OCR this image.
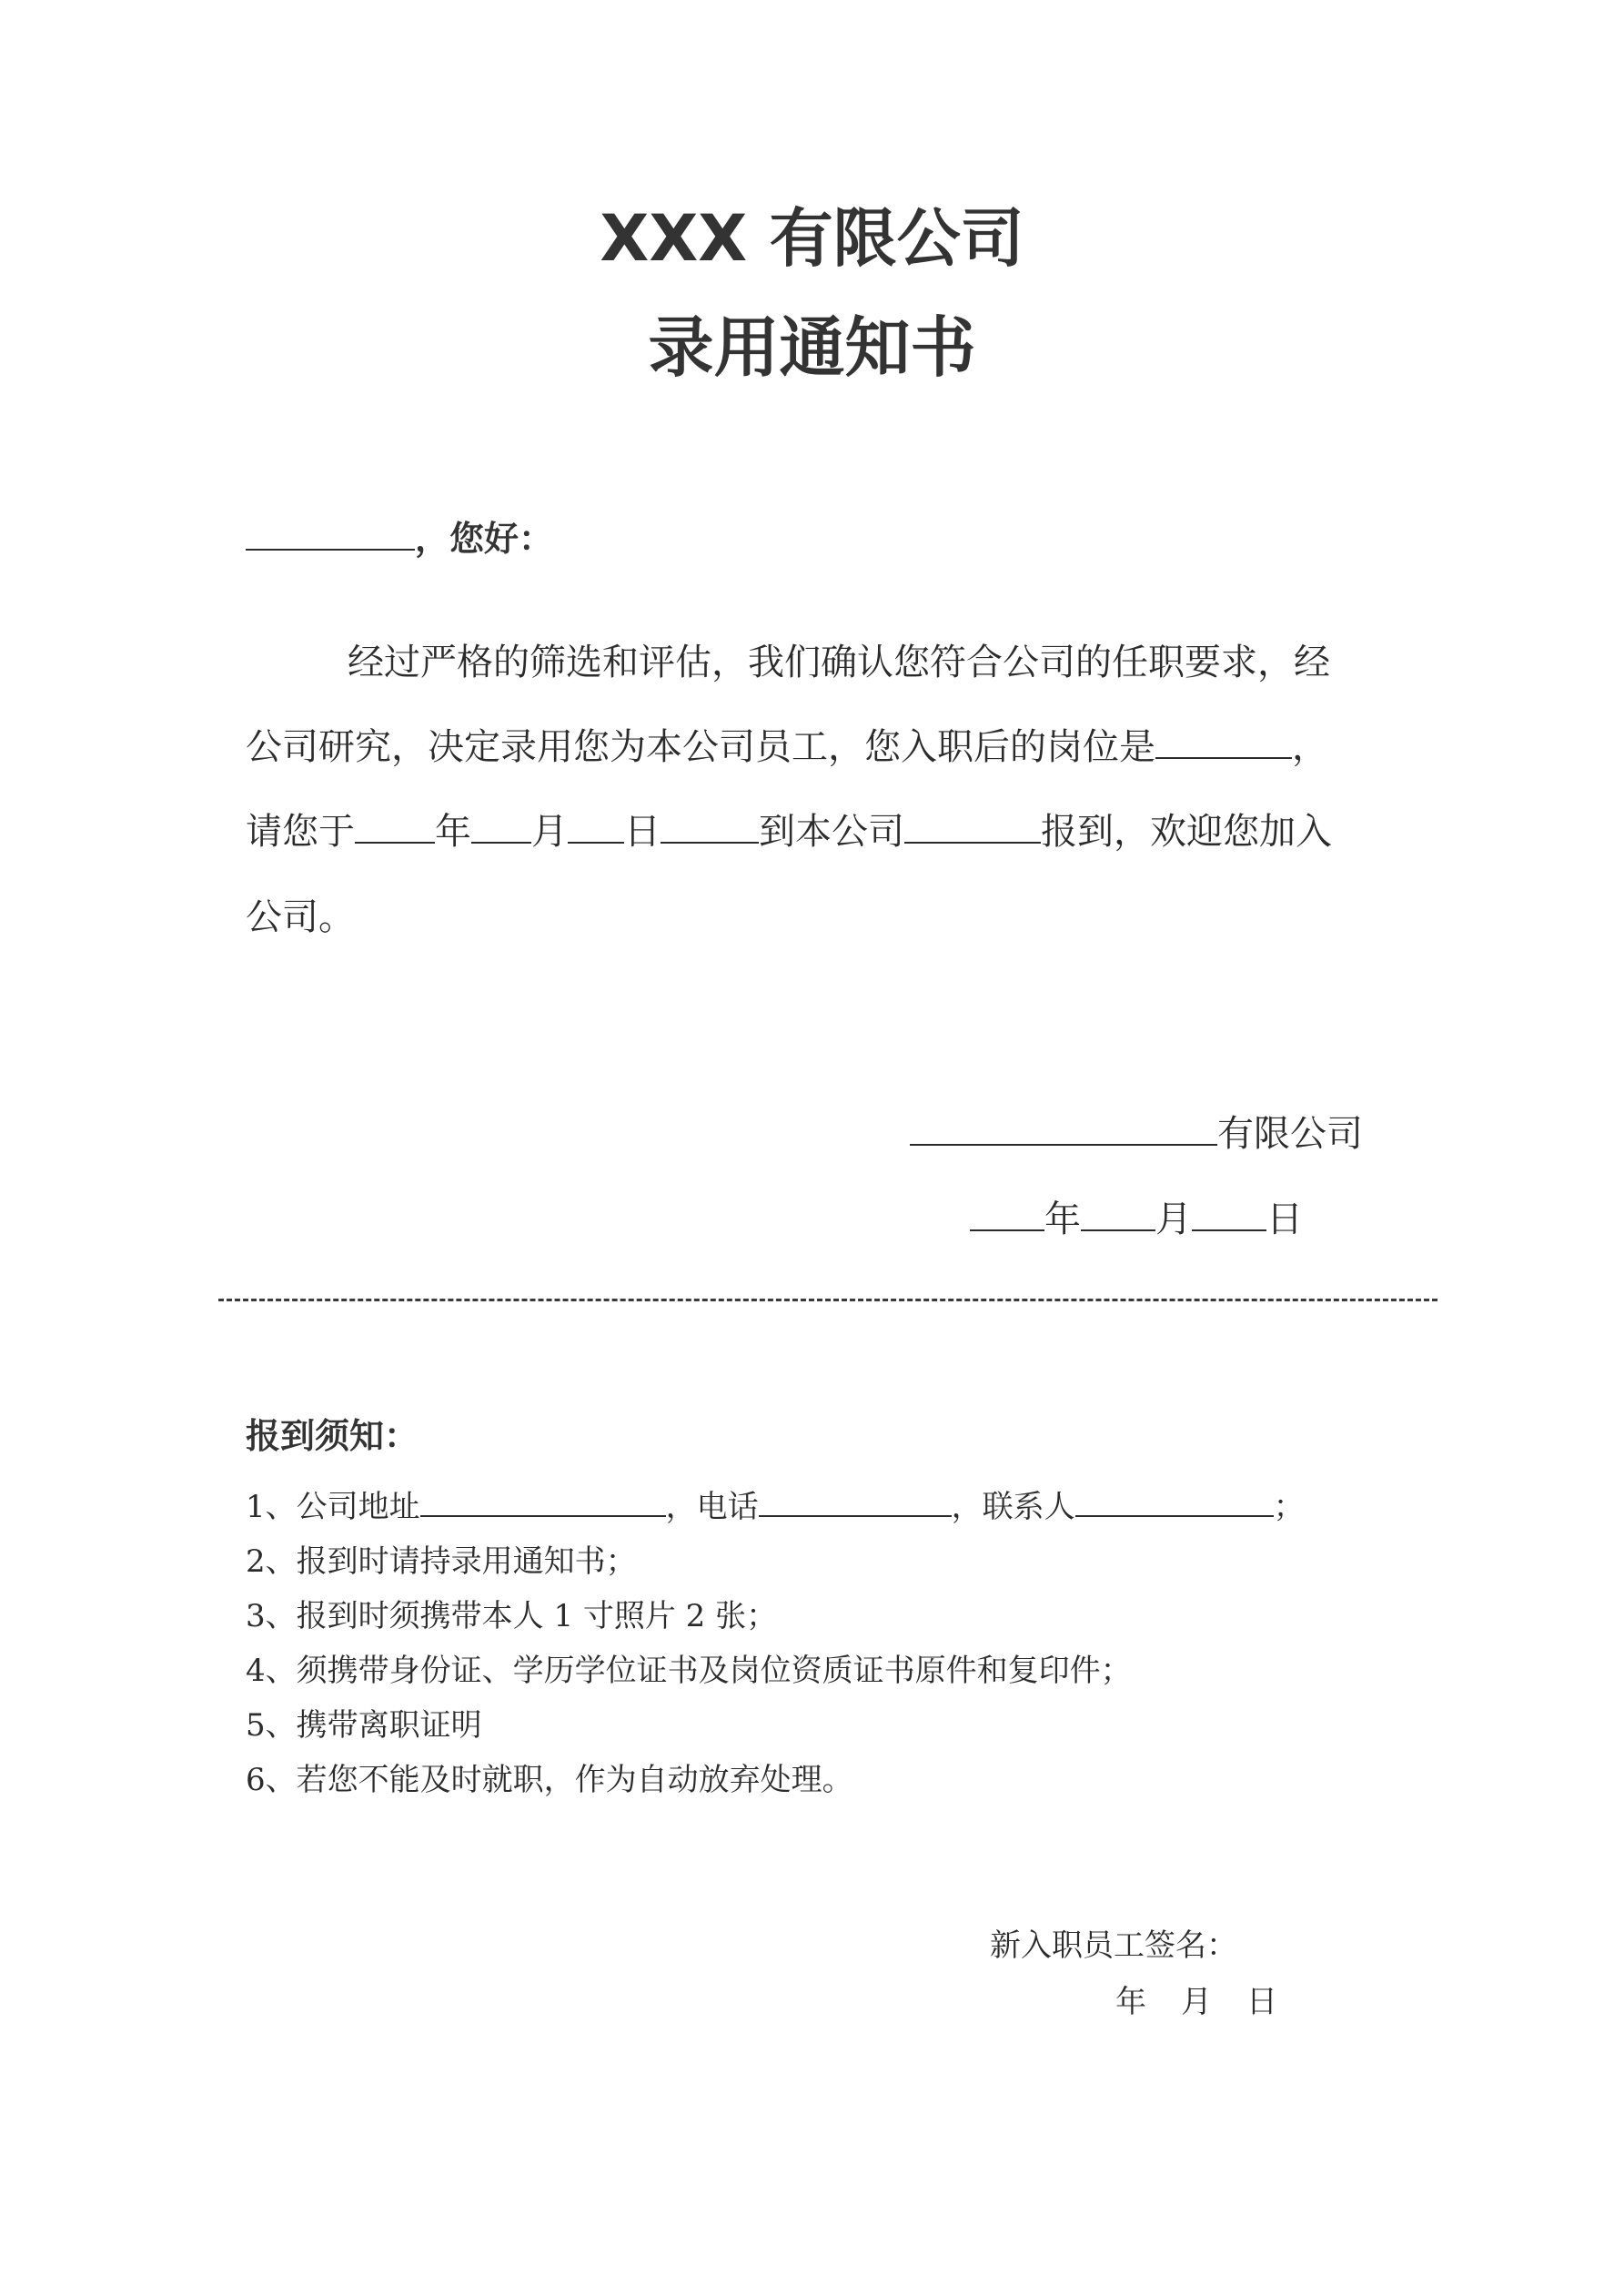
XXX 有限公司
录用通知书
，您好：
经过严格的筛选和评估，我们确认您符合公司的任职要求，经
公司研究，决定录用您为本公司员工，您入职后的岗位是	，
请您于 年 月 日	到本公司	报到，欢迎您加入
公司。
有限公司
年 月 日
报到须知：
1、公司地址	，电话	，联系人	；
2、报到时请持录用通知书；
3、报到时须携带本人 1 寸照片 2 张；
4、须携带身份证、学历学位证书及岗位资质证书原件和复印件；
5、携带离职证明
6、若您不能及时就职，作为自动放弃处理。
新入职员工签名：
年 月 日
